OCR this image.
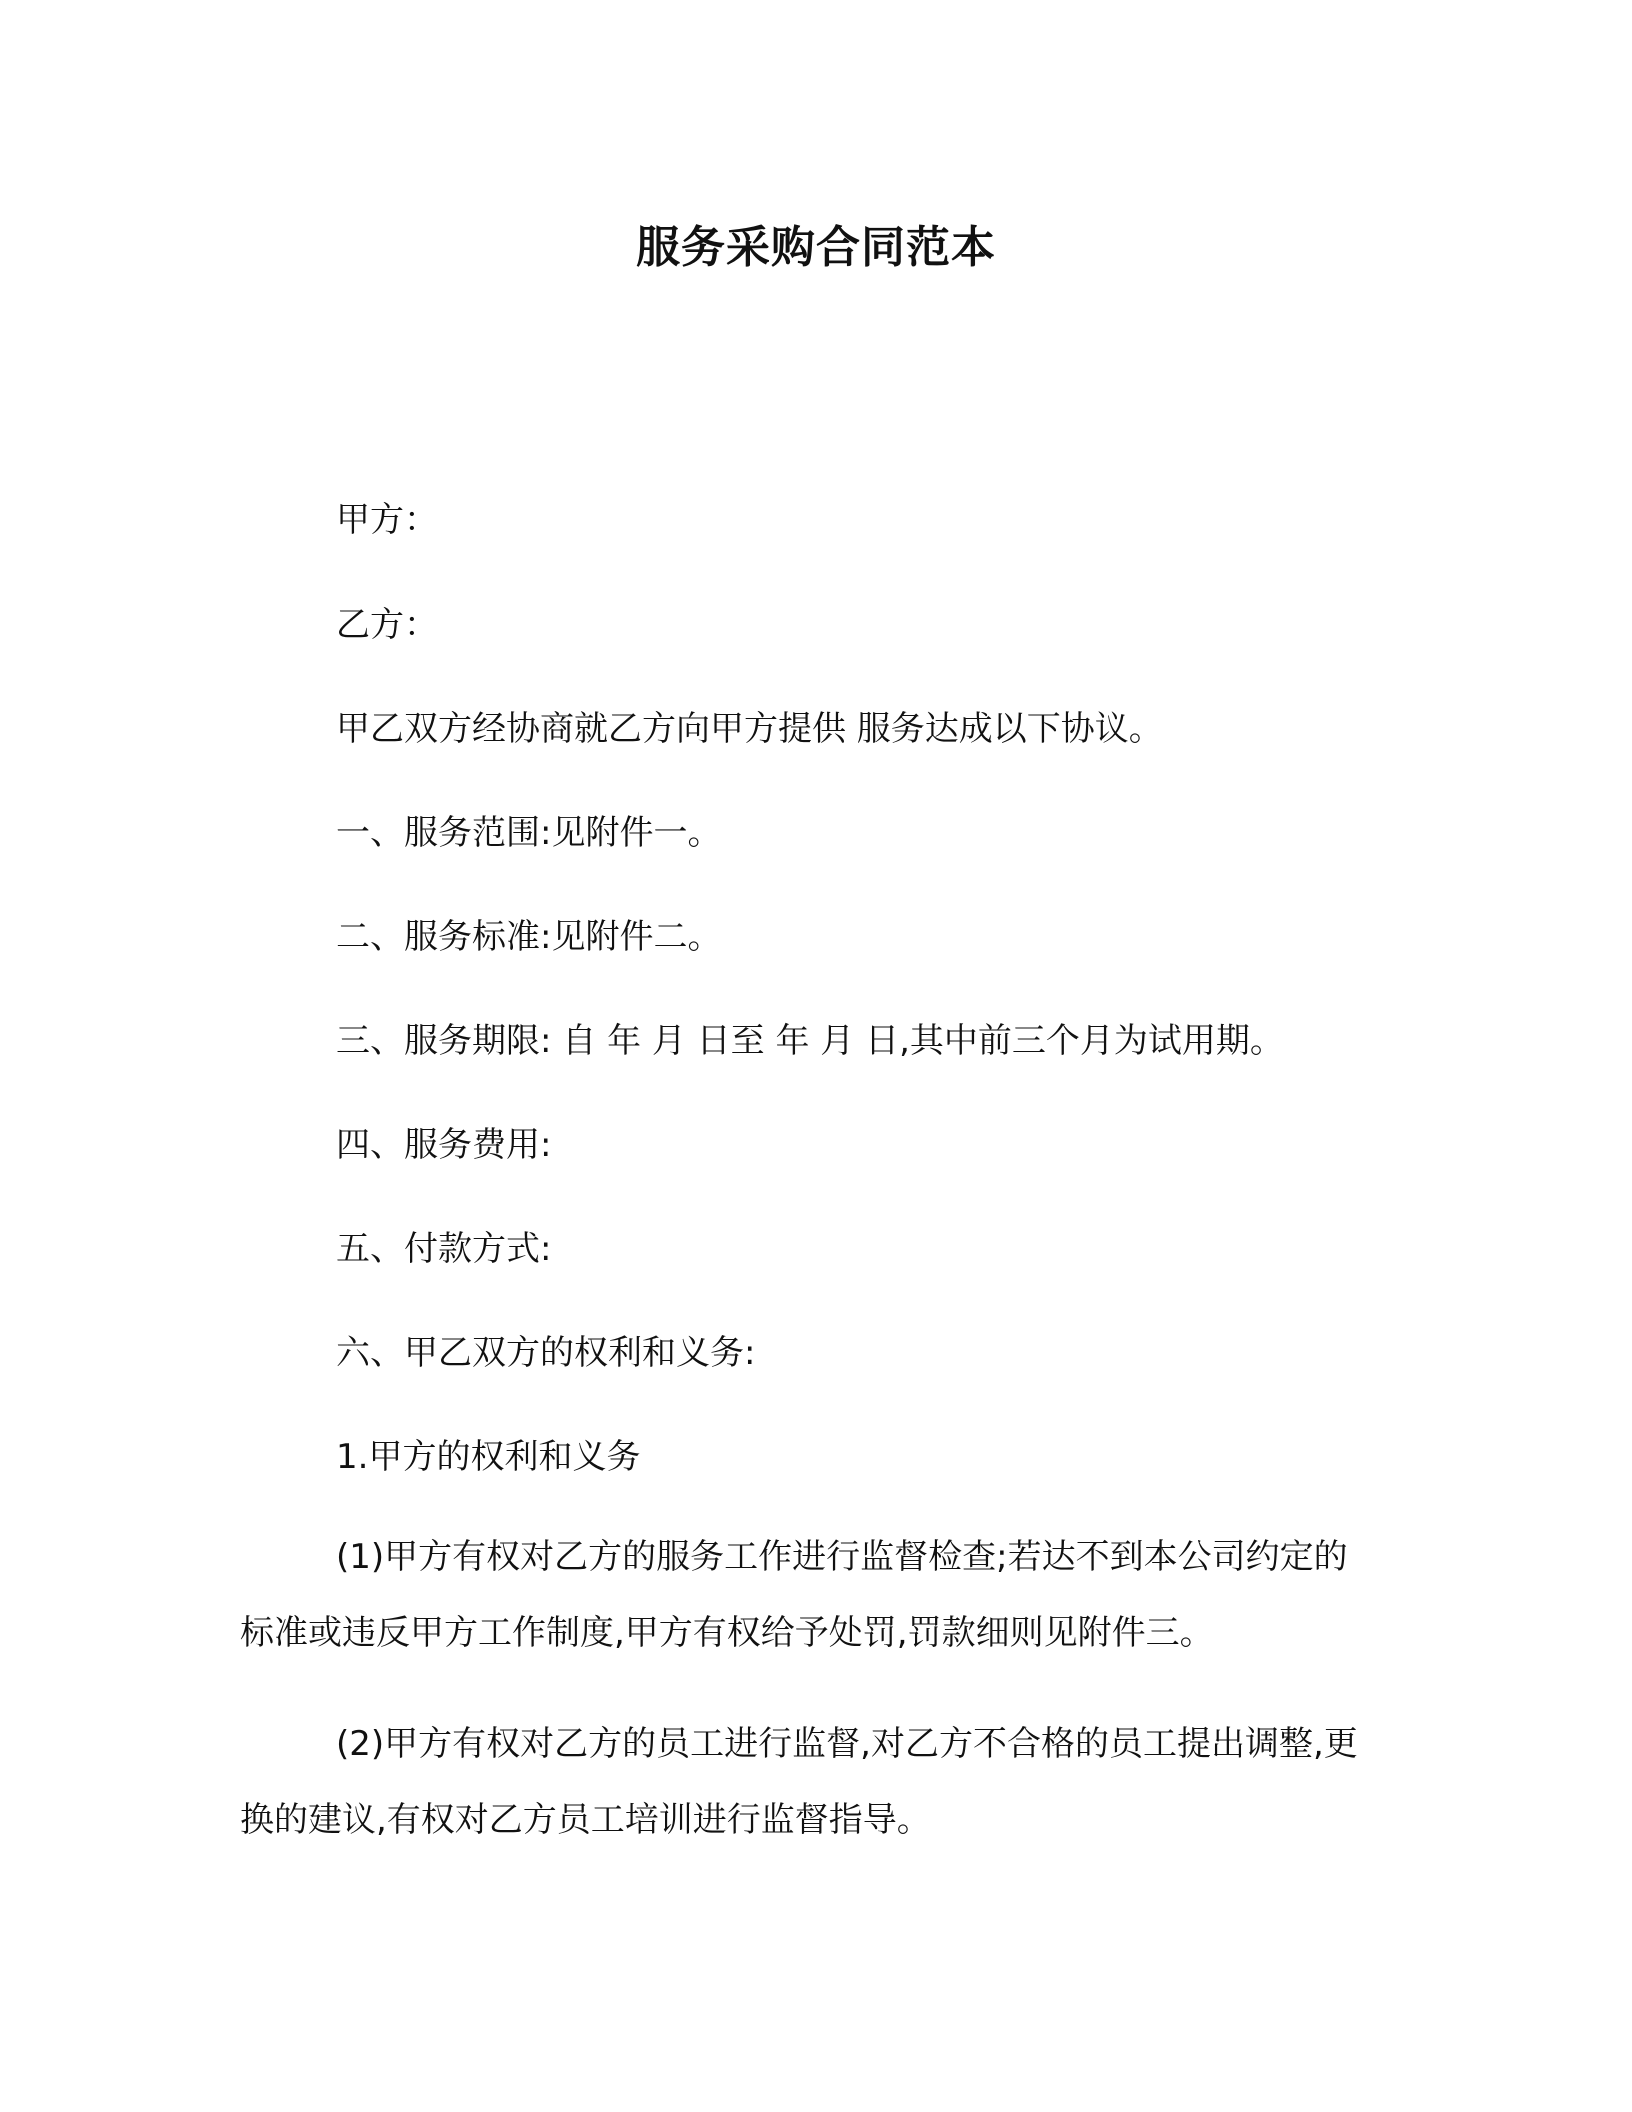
服务采购合同范本
甲方：
乙方：
甲乙双方经协商就乙方向甲方提供 服务达成以下协议。
一、服务范围:见附件一。
二、服务标准:见附件二。
三、服务期限: 自 年 月 日至 年 月 日,其中前三个月为试用期。
四、服务费用:
五、付款方式:
六、甲乙双方的权利和义务:
1.甲方的权利和义务
(1)甲方有权对乙方的服务工作进行监督检查;若达不到本公司约定的标准或违反甲方工作制度,甲方有权给予处罚,罚款细则见附件三。
(2)甲方有权对乙方的员工进行监督,对乙方不合格的员工提出调整,更换的建议,有权对乙方员工培训进行监督指导。
